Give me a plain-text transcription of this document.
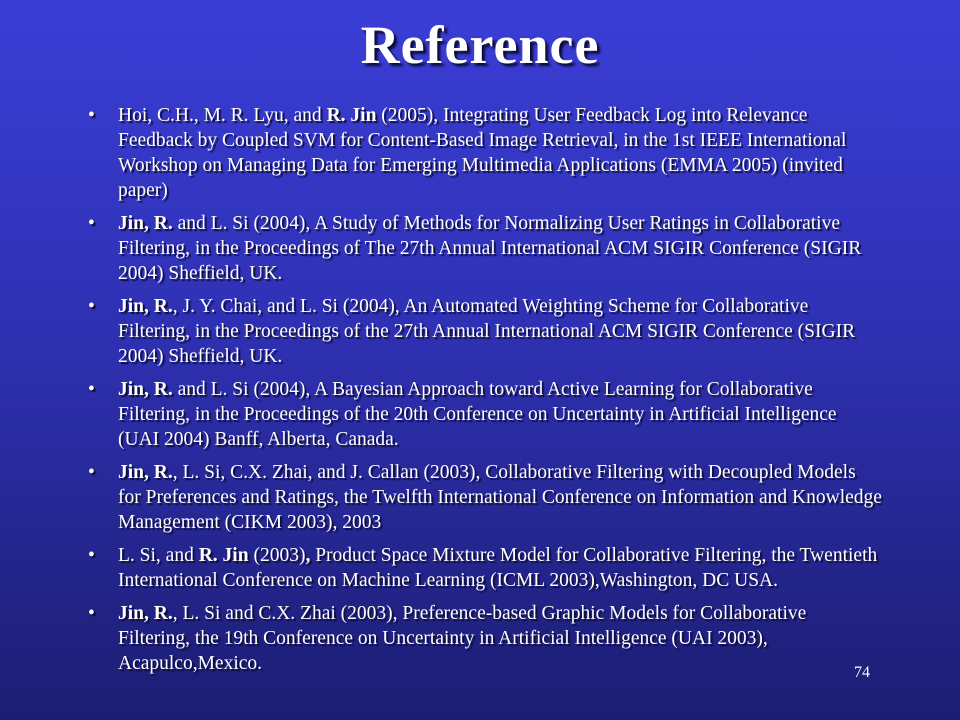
Reference
• Hoi, C.H., M. R. Lyu, and R. Jin (2005), Integrating User Feedback Log into Relevance Feedback by Coupled SVM for Content-Based Image Retrieval, in the 1st IEEE International Workshop on Managing Data for Emerging Multimedia Applications (EMMA 2005) (invited paper)
• Jin, R. and L. Si (2004), A Study of Methods for Normalizing User Ratings in Collaborative Filtering, in the Proceedings of The 27th Annual International ACM SIGIR Conference (SIGIR 2004) Sheffield, UK.
• Jin, R., J. Y. Chai, and L. Si (2004), An Automated Weighting Scheme for Collaborative Filtering, in the Proceedings of the 27th Annual International ACM SIGIR Conference (SIGIR 2004) Sheffield, UK.
• Jin, R. and L. Si (2004), A Bayesian Approach toward Active Learning for Collaborative Filtering, in the Proceedings of the 20th Conference on Uncertainty in Artificial Intelligence (UAI 2004) Banff, Alberta, Canada.
• Jin, R., L. Si, C.X. Zhai, and J. Callan (2003), Collaborative Filtering with Decoupled Models for Preferences and Ratings, the Twelfth International Conference on Information and Knowledge Management (CIKM 2003), 2003
• L. Si, and R. Jin (2003), Product Space Mixture Model for Collaborative Filtering, the Twentieth International Conference on Machine Learning (ICML 2003),Washington, DC USA.
• Jin, R., L. Si and C.X. Zhai (2003), Preference-based Graphic Models for Collaborative Filtering, the 19th Conference on Uncertainty in Artificial Intelligence (UAI 2003), Acapulco,Mexico.	74
